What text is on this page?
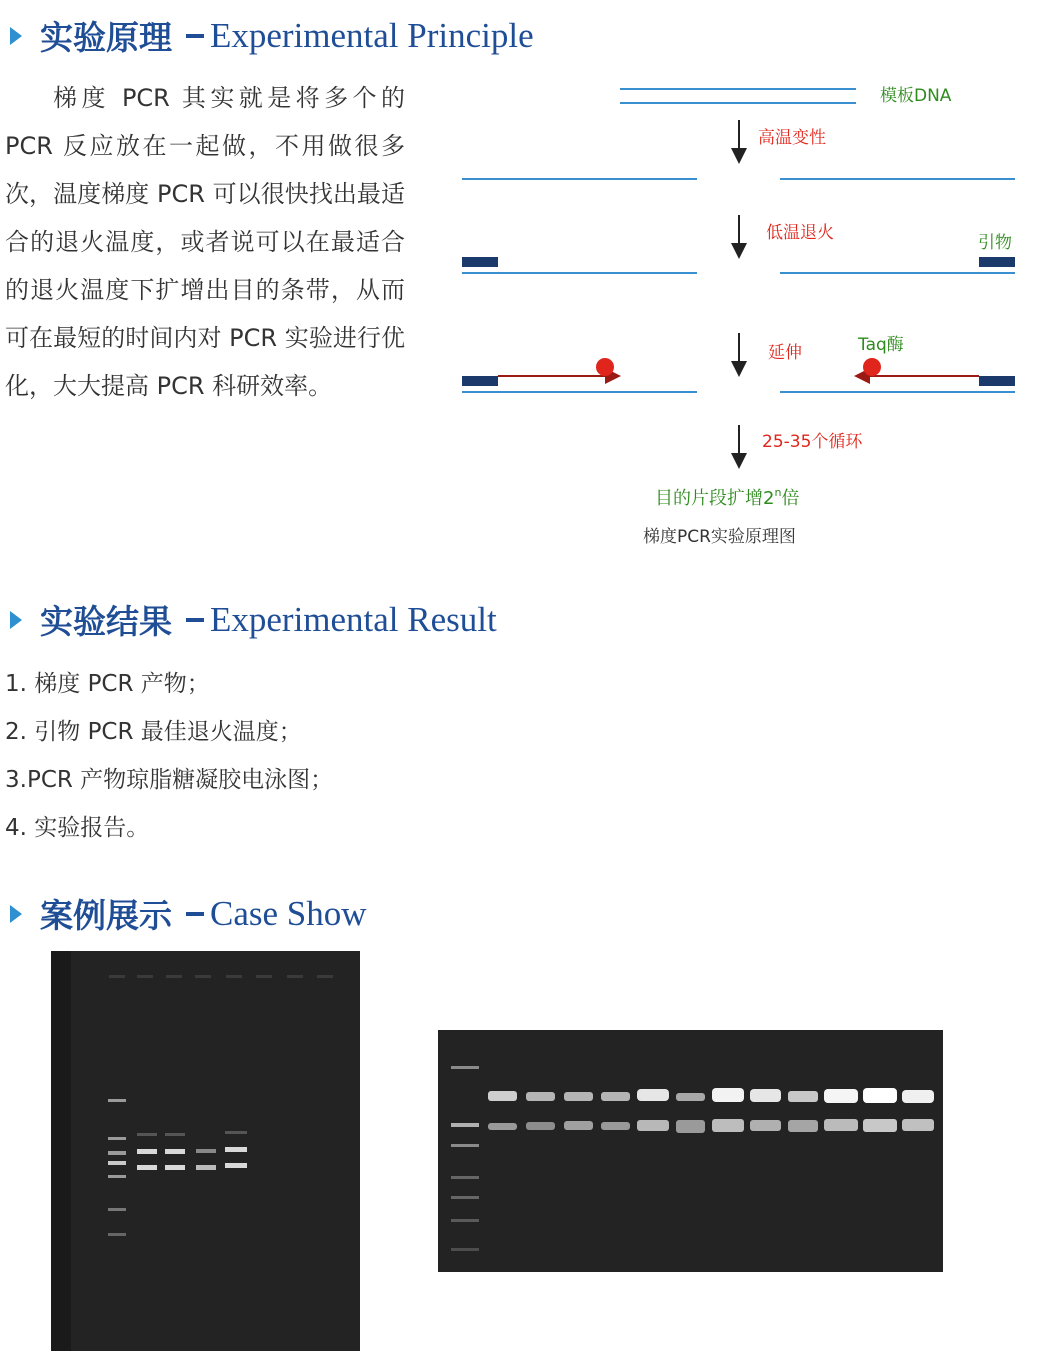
实验原理 Experimental Principle

梯度 PCR 其实就是将多个的 PCR 反应放在一起做，不用做很多次，温度梯度 PCR 可以很快找出最适合的退火温度，或者说可以在最适合的退火温度下扩增出目的条带，从而可在最短的时间内对 PCR 实验进行优化，大大提高 PCR 科研效率。

模板DNA
高温变性
低温退火	引物
延伸	Taq酶
25-35个循环
目的片段扩增2$^n$倍
梯度PCR实验原理图
实验结果 Experimental Result
1. 梯度 PCR 产物；
2. 引物 PCR 最佳退火温度；
3.PCR 产物琼脂糖凝胶电泳图；
4. 实验报告。
案例展示 Case Show
